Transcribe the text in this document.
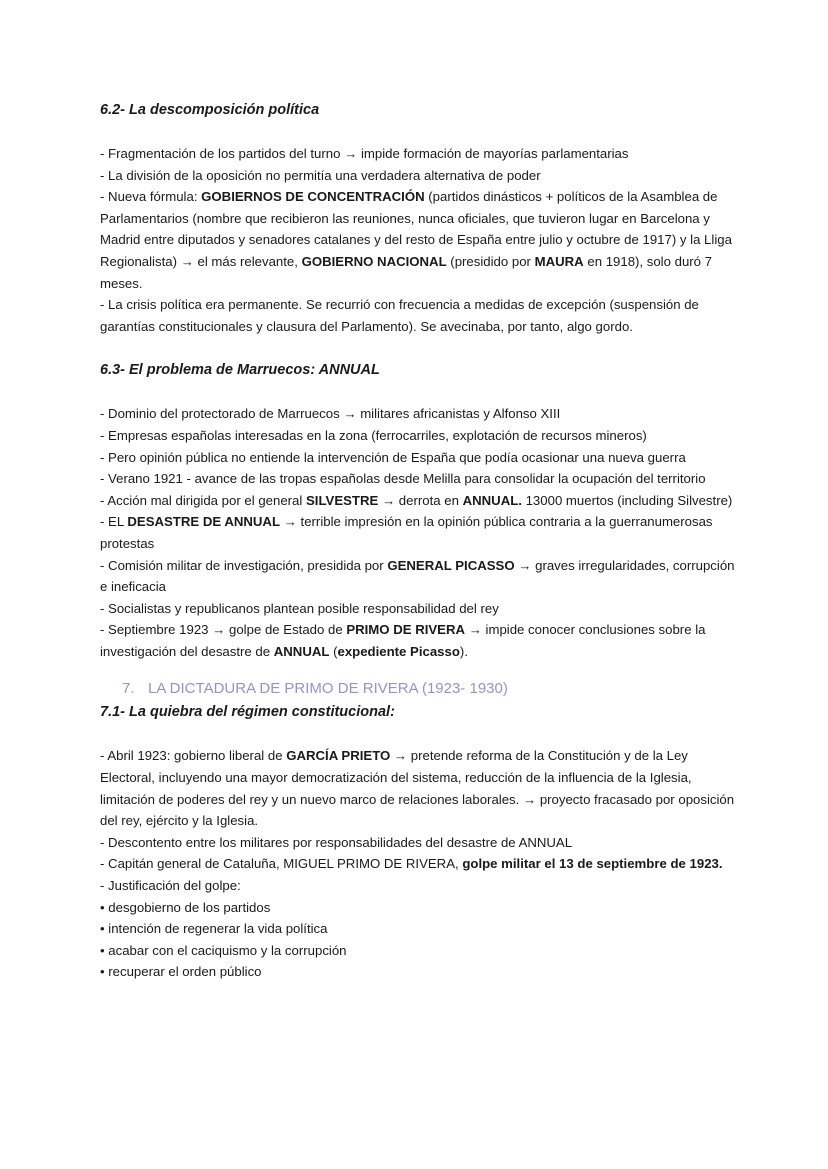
6.2- La descomposición política

- Fragmentación de los partidos del turno → impide formación de mayorías parlamentarias

- La división de la oposición no permitía una verdadera alternativa de poder

- Nueva fórmula: GOBIERNOS DE CONCENTRACIÓN (partidos dinásticos + políticos de la Asamblea de Parlamentarios (nombre que recibieron las reuniones, nunca oficiales, que tuvieron lugar en Barcelona y Madrid entre diputados y senadores catalanes y del resto de España entre julio y octubre de 1917) y la Lliga Regionalista) → el más relevante, GOBIERNO NACIONAL (presidido por MAURA en 1918), solo duró 7 meses.

- La crisis política era permanente. Se recurrió con frecuencia a medidas de excepción (suspensión de garantías constitucionales y clausura del Parlamento). Se avecinaba, por tanto, algo gordo.

6.3- El problema de Marruecos: ANNUAL

- Dominio del protectorado de Marruecos → militares africanistas y Alfonso XIII

- Empresas españolas interesadas en la zona (ferrocarriles, explotación de recursos mineros)

- Pero opinión pública no entiende la intervención de España que podía ocasionar una nueva guerra

- Verano 1921 - avance de las tropas españolas desde Melilla para consolidar la ocupación del territorio

- Acción mal dirigida por el general SILVESTRE → derrota en ANNUAL. 13000 muertos (including Silvestre)

- EL DESASTRE DE ANNUAL → terrible impresión en la opinión pública contraria a la guerranumerosas protestas

- Comisión militar de investigación, presidida por GENERAL PICASSO → graves irregularidades, corrupción e ineficacia

- Socialistas y republicanos plantean posible responsabilidad del rey

- Septiembre 1923 → golpe de Estado de PRIMO DE RIVERA → impide conocer conclusiones sobre la investigación del desastre de ANNUAL (expediente Picasso).

7. LA DICTADURA DE PRIMO DE RIVERA (1923- 1930)
7.1- La quiebra del régimen constitucional:

- Abril 1923: gobierno liberal de GARCÍA PRIETO → pretende reforma de la Constitución y de la Ley Electoral, incluyendo una mayor democratización del sistema, reducción de la influencia de la Iglesia, limitación de poderes del rey y un nuevo marco de relaciones laborales. → proyecto fracasado por oposición del rey, ejército y la Iglesia.

- Descontento entre los militares por responsabilidades del desastre de ANNUAL

- Capitán general de Cataluña, MIGUEL PRIMO DE RIVERA, golpe militar el 13 de septiembre de 1923.

- Justificación del golpe:

• desgobierno de los partidos

• intención de regenerar la vida política

• acabar con el caciquismo y la corrupción

• recuperar el orden público
